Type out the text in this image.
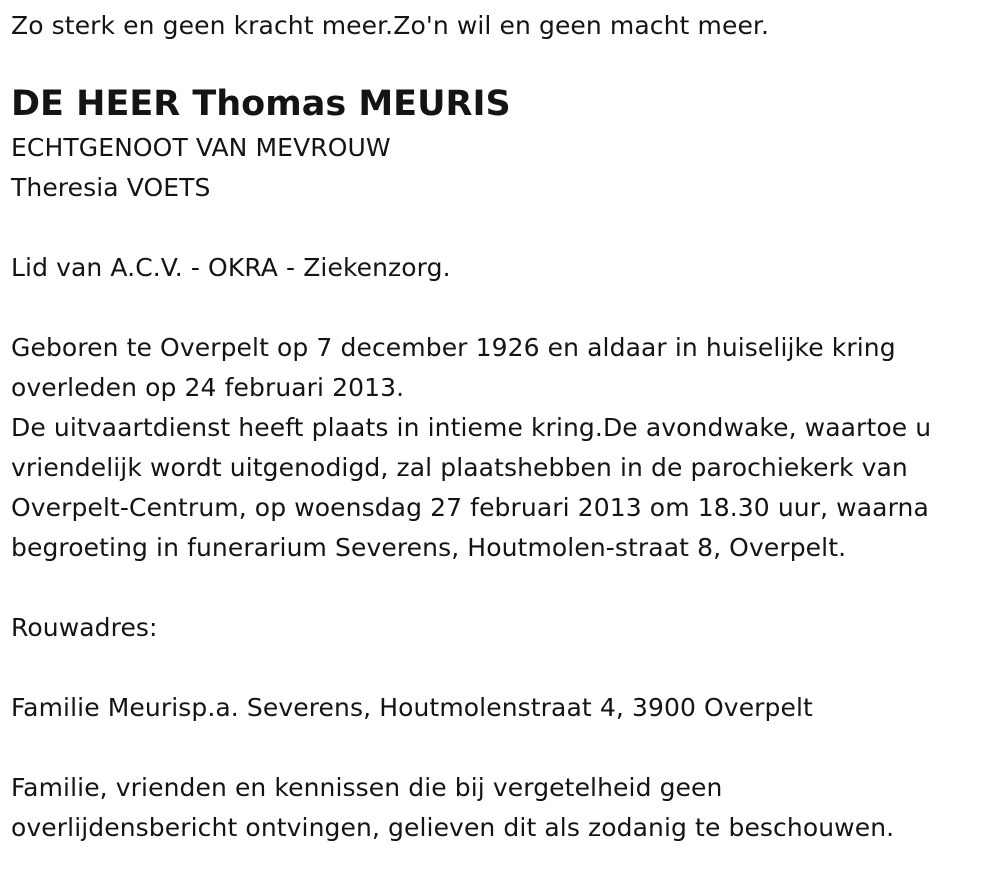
Zo sterk en geen kracht meer.Zo'n wil en geen macht meer.
DE HEER Thomas MEURIS
ECHTGENOOT VAN MEVROUW
Theresia VOETS
Lid van A.C.V. - OKRA - Ziekenzorg.
Geboren te Overpelt op 7 december 1926 en aldaar in huiselijke kring
overleden op 24 februari 2013.
De uitvaartdienst heeft plaats in intieme kring.De avondwake, waartoe u
vriendelijk wordt uitgenodigd, zal plaatshebben in de parochiekerk van
Overpelt-Centrum, op woensdag 27 februari 2013 om 18.30 uur, waarna
begroeting in funerarium Severens, Houtmolen-straat 8, Overpelt.
Rouwadres:
Familie Meurisp.a. Severens, Houtmolenstraat 4, 3900 Overpelt
Familie, vrienden en kennissen die bij vergetelheid geen
overlijdensbericht ontvingen, gelieven dit als zodanig te beschouwen.
